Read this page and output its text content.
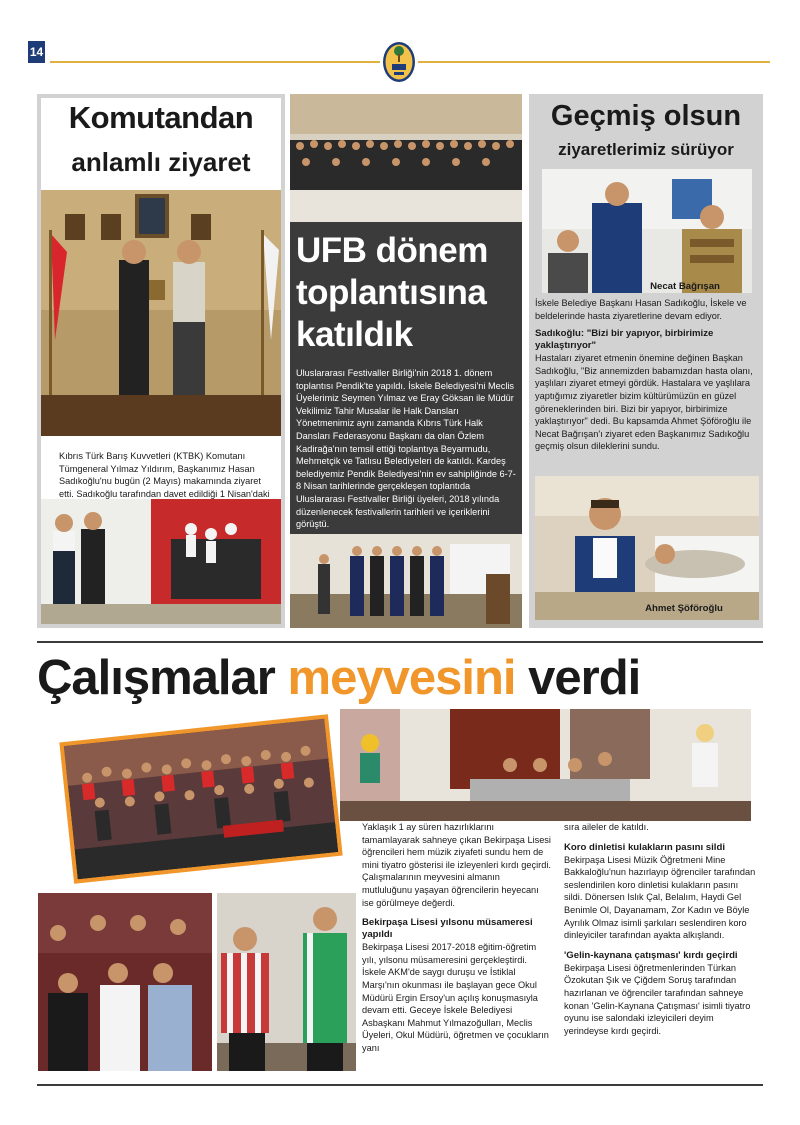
14
Komutandan
anlamlı ziyaret
Kıbrıs Türk Barış Kuvvetleri (KTBK) Komutanı Tümgeneral Yılmaz Yıldırım, Başkanımız Hasan Sadıkoğlu'nu bugün (2 Mayıs) makamında ziyaret etti. Sadıkoğlu tarafından davet edildiği 1 Nisan'daki
UFB dönem
toplantısına
katıldık
Uluslararası Festivaller Birliği'nin 2018 1. dönem toplantısı Pendik'te yapıldı. İskele Belediyesi'ni Meclis Üyelerimiz Seymen Yılmaz ve Eray Göksan ile Müdür Vekilimiz Tahir Musalar ile Halk Dansları Yönetmenimiz aynı zamanda Kıbrıs Türk Halk Dansları Federasyonu Başkanı da olan Özlem Kadirağa'nın temsil ettiği toplantıya Beyarmudu, Mehmetçik ve Tatlısu Belediyeleri de katıldı. Kardeş belediyemiz Pendik Belediyesi'nin ev sahipliğinde 6-7-8 Nisan tarihlerinde gerçekleşen toplantıda Uluslararası Festivaller Birliği üyeleri, 2018 yılında düzenlenecek festivallerin tarihleri ve içeriklerini görüştü.
Geçmiş olsun
ziyaretlerimiz sürüyor
Necat Bağrışan

İskele Belediye Başkanı Hasan Sadıkoğlu, İskele ve beldelerinde hasta ziyaretlerine devam ediyor.

Sadıkoğlu: "Bizi bir yapıyor, birbirimize yaklaştırıyor"

Hastaları ziyaret etmenin önemine değinen Başkan Sadıkoğlu, "Biz annemizden babamızdan hasta olanı, yaşlıları ziyaret etmeyi gördük. Hastalara ve yaşlılara yaptığımız ziyaretler bizim kültürümüzün en güzel göreneklerinden biri. Bizi bir yapıyor, birbirimize yaklaştırıyor" dedi. Bu kapsamda Ahmet Şöföroğlu ile Necat Bağrışan'ı ziyaret eden Başkanımız Sadıkoğlu geçmiş olsun dileklerini sundu.

Ahmet Şöföroğlu
Çalışmalar meyvesini verdi

Yaklaşık 1 ay süren hazırlıklarını tamamlayarak sahneye çıkan Bekirpaşa Lisesi öğrencileri hem müzik ziyafeti sundu hem de mini tiyatro gösterisi ile izleyenleri kırdı geçirdi. Çalışmalarının meyvesini almanın mutluluğunu yaşayan öğrencilerin heyecanı ise görülmeye değerdi.

Bekirpaşa Lisesi yılsonu müsameresi yapıldı

Bekirpaşa Lisesi 2017-2018 eğitim-öğretim yılı, yılsonu müsameresini gerçekleştirdi. İskele AKM'de saygı duruşu ve İstiklal Marşı'nın okunması ile başlayan gece Okul Müdürü Ergin Ersoy'un açılış konuşmasıyla devam etti. Geceye İskele Belediyesi Asbaşkanı Mahmut Yılmazoğulları, Meclis Üyeleri, Okul Müdürü, öğretmen ve çocukların yanı

sıra aileler de katıldı.

Koro dinletisi kulakların pasını sildi

Bekirpaşa Lisesi Müzik Öğretmeni Mine Bakkaloğlu'nun hazırlayıp öğrenciler tarafından seslendirilen koro dinletisi kulakların pasını sildi. Dönersen Islık Çal, Belalım, Haydi Gel Benimle Ol, Dayanamam, Zor Kadın ve Böyle Ayrılık Olmaz isimli şarkıları seslendiren koro dinleyiciler tarafından ayakta alkışlandı.

'Gelin-kaynana çatışması' kırdı geçirdi

Bekirpaşa Lisesi öğretmenlerinden Türkan Özokutan Şık ve Çiğdem Soruş tarafından hazırlanan ve öğrenciler tarafından sahneye konan 'Gelin-Kaynana Çatışması' isimli tiyatro oyunu ise salondaki izleyicileri deyim yerindeyse kırdı geçirdi.
